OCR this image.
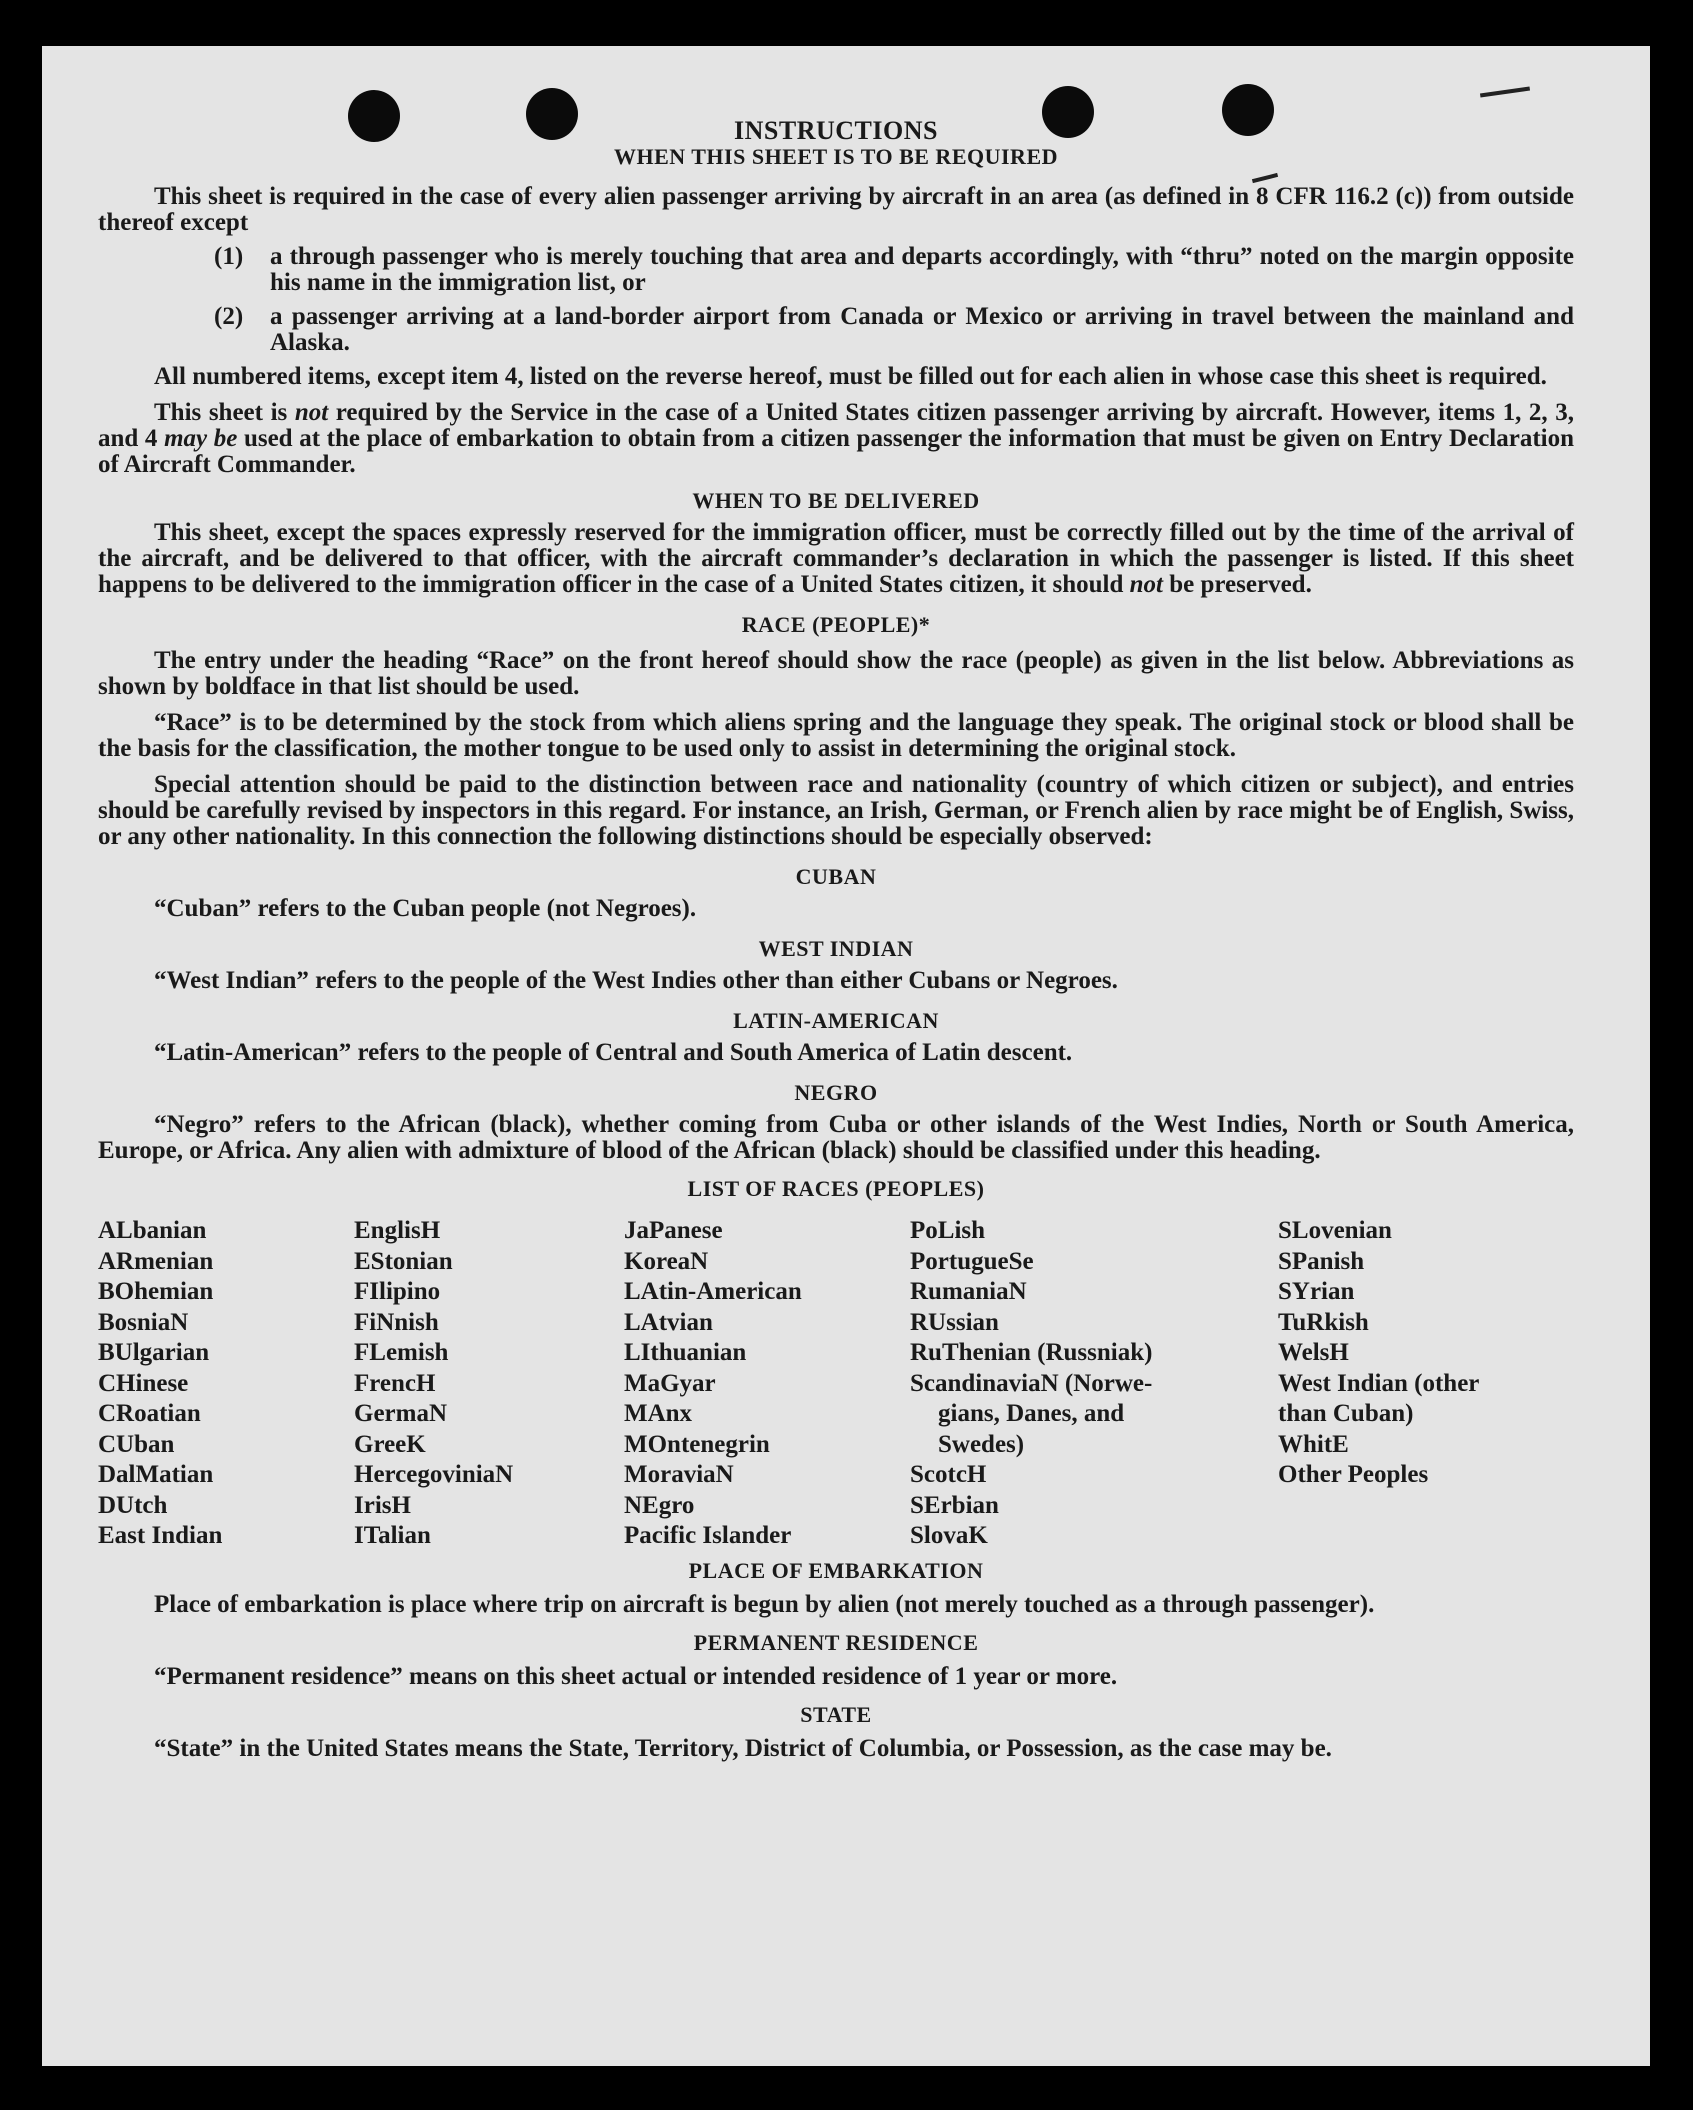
INSTRUCTIONS

WHEN THIS SHEET IS TO BE REQUIRED

This sheet is required in the case of every alien passenger arriving by aircraft in an area (as defined in 8 CFR 116.2 (c)) from outside thereof except

(1)	a through passenger who is merely touching that area and departs accordingly, with “thru” noted on the margin opposite his name in the immigration list, or
(2)	a passenger arriving at a land-border airport from Canada or Mexico or arriving in travel between the mainland and Alaska.

All numbered items, except item 4, listed on the reverse hereof, must be filled out for each alien in whose case this sheet is required.

This sheet is not required by the Service in the case of a United States citizen passenger arriving by aircraft. However, items 1, 2, 3, and 4 may be used at the place of embarkation to obtain from a citizen passenger the information that must be given on Entry Declaration of Aircraft Commander.

WHEN TO BE DELIVERED

This sheet, except the spaces expressly reserved for the immigration officer, must be correctly filled out by the time of the arrival of the aircraft, and be delivered to that officer, with the aircraft commander’s declaration in which the passenger is listed. If this sheet happens to be delivered to the immigration officer in the case of a United States citizen, it should not be preserved.

RACE (PEOPLE)*

The entry under the heading “Race” on the front hereof should show the race (people) as given in the list below. Abbreviations as shown by boldface in that list should be used.

“Race” is to be determined by the stock from which aliens spring and the language they speak. The original stock or blood shall be the basis for the classification, the mother tongue to be used only to assist in determining the original stock.

Special attention should be paid to the distinction between race and nationality (country of which citizen or subject), and entries should be carefully revised by inspectors in this regard. For instance, an Irish, German, or French alien by race might be of English, Swiss, or any other nationality. In this connection the following distinctions should be especially observed:

CUBAN

“Cuban” refers to the Cuban people (not Negroes).

WEST INDIAN

“West Indian” refers to the people of the West Indies other than either Cubans or Negroes.

LATIN-AMERICAN

“Latin-American” refers to the people of Central and South America of Latin descent.

NEGRO

“Negro” refers to the African (black), whether coming from Cuba or other islands of the West Indies, North or South America, Europe, or Africa. Any alien with admixture of blood of the African (black) should be classified under this heading.

LIST OF RACES (PEOPLES)

ALbanian
ARmenian
BOhemian
BosniaN
BUlgarian
CHinese
CRoatian
CUban
DalMatian
DUtch
East Indian
EnglisH
EStonian
FIlipino
FiNnish
FLemish
FrencH
GermaN
GreeK
HercegoviniaN
IrisH
ITalian
JaPanese
KoreaN
LAtin-American
LAtvian
LIthuanian
MaGyar
MAnx
MOntenegrin
MoraviaN
NEgro
Pacific Islander
PoLish
PortugueSe
RumaniaN
RUssian
RuThenian (Russniak)
ScandinaviaN (Norwe-
gians, Danes, and
Swedes)
ScotcH
SErbian
SlovaK
SLovenian
SPanish
SYrian
TuRkish
WelsH
West Indian (other
than Cuban)
WhitE
Other Peoples

PLACE OF EMBARKATION

Place of embarkation is place where trip on aircraft is begun by alien (not merely touched as a through passenger).

PERMANENT RESIDENCE

“Permanent residence” means on this sheet actual or intended residence of 1 year or more.

STATE

“State” in the United States means the State, Territory, District of Columbia, or Possession, as the case may be.
